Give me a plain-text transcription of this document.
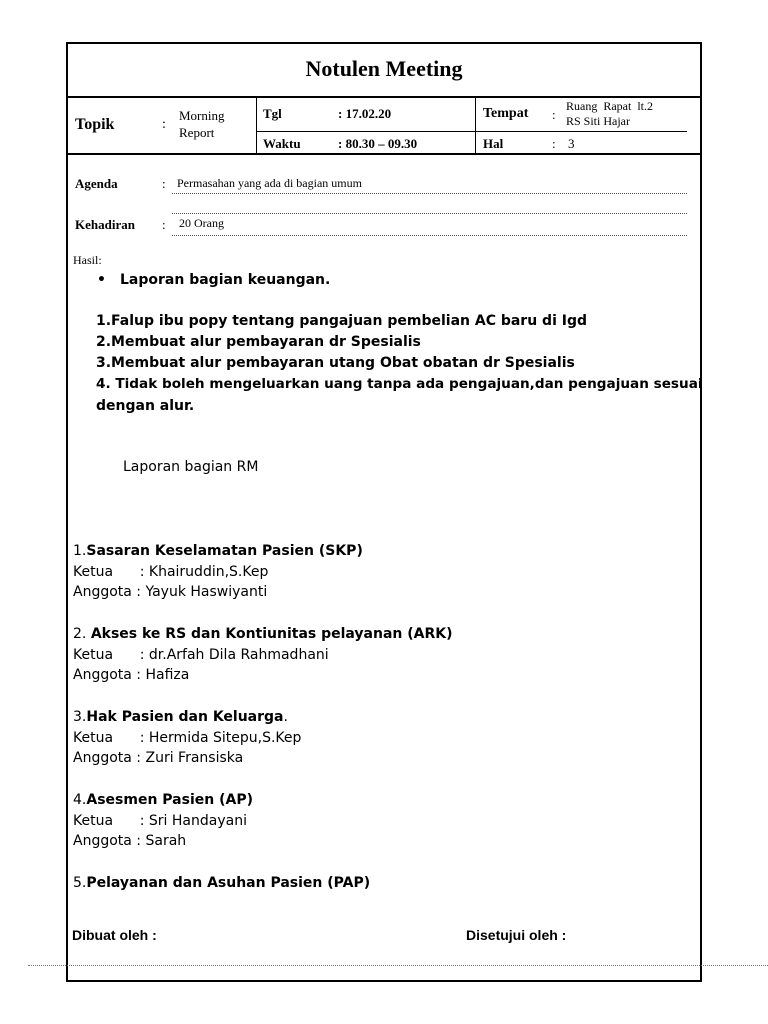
Notulen Meeting
Topik	:
Morning
Report
Tgl	: 17.02.20
Waktu	: 80.30 – 09.30
Tempat :
Ruang  Rapat  lt.2
RS Siti Hajar
Hal	: 3
Agenda	: Permasahan yang ada di bagian umum
Kehadiran : 20 Orang
Hasil:
• Laporan bagian keuangan.
1.Falup ibu popy tentang pangajuan pembelian AC baru di Igd
2.Membuat alur pembayaran dr Spesialis
3.Membuat alur pembayaran utang Obat obatan dr Spesialis
4. Tidak boleh mengeluarkan uang tanpa ada pengajuan,dan pengajuan sesuai
dengan alur.
Laporan bagian RM
1.Sasaran Keselamatan Pasien (SKP)
Ketua      : Khairuddin,S.Kep
Anggota : Yayuk Haswiyanti
2. Akses ke RS dan Kontiunitas pelayanan (ARK)
Ketua      : dr.Arfah Dila Rahmadhani
Anggota : Hafiza
3.Hak Pasien dan Keluarga.
Ketua      : Hermida Sitepu,S.Kep
Anggota : Zuri Fransiska
4.Asesmen Pasien (AP)
Ketua      : Sri Handayani
Anggota : Sarah
5.Pelayanan dan Asuhan Pasien (PAP)
Dibuat oleh :	Disetujui oleh :
